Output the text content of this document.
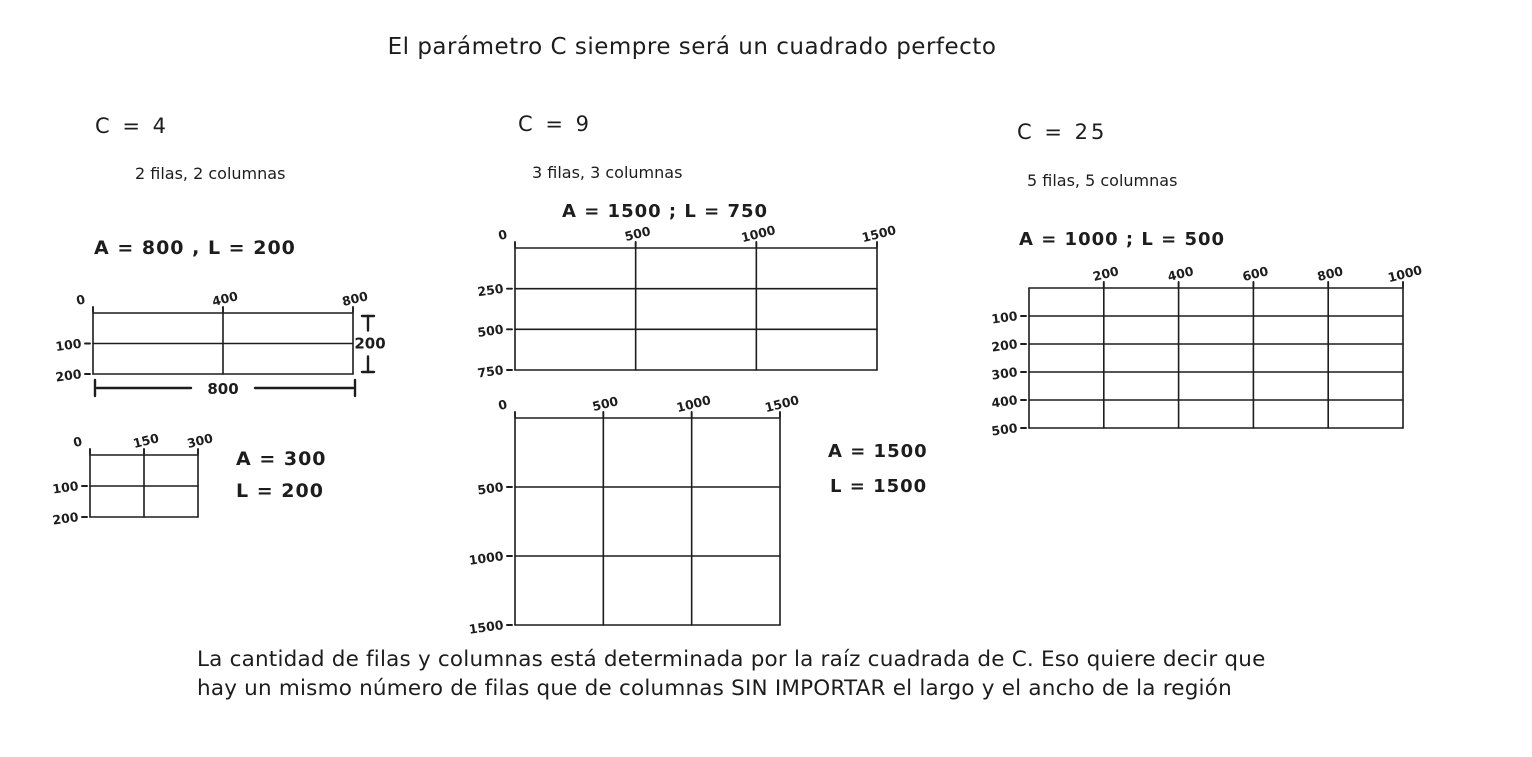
El parámetro C siempre será un cuadrado perfecto
C = 4
2 filas, 2 columnas
A = 800 , L = 200
A = 300
L = 200
C = 9
3 filas, 3 columnas
A = 1500 ; L = 750
A = 1500
L = 1500
C = 25
5 filas, 5 columnas
A = 1000 ; L = 500
0	400	800
100
200
800
200
0	150 300
100
200
0	500	1000	1500
250
500
750
0	500	1000	1500
500
1000
1500
200	400	600	800	1000
100
200
300
400
500
La cantidad de filas y columnas está determinada por la raíz cuadrada de C. Eso quiere decir que
hay un mismo número de filas que de columnas SIN IMPORTAR el largo y el ancho de la región
